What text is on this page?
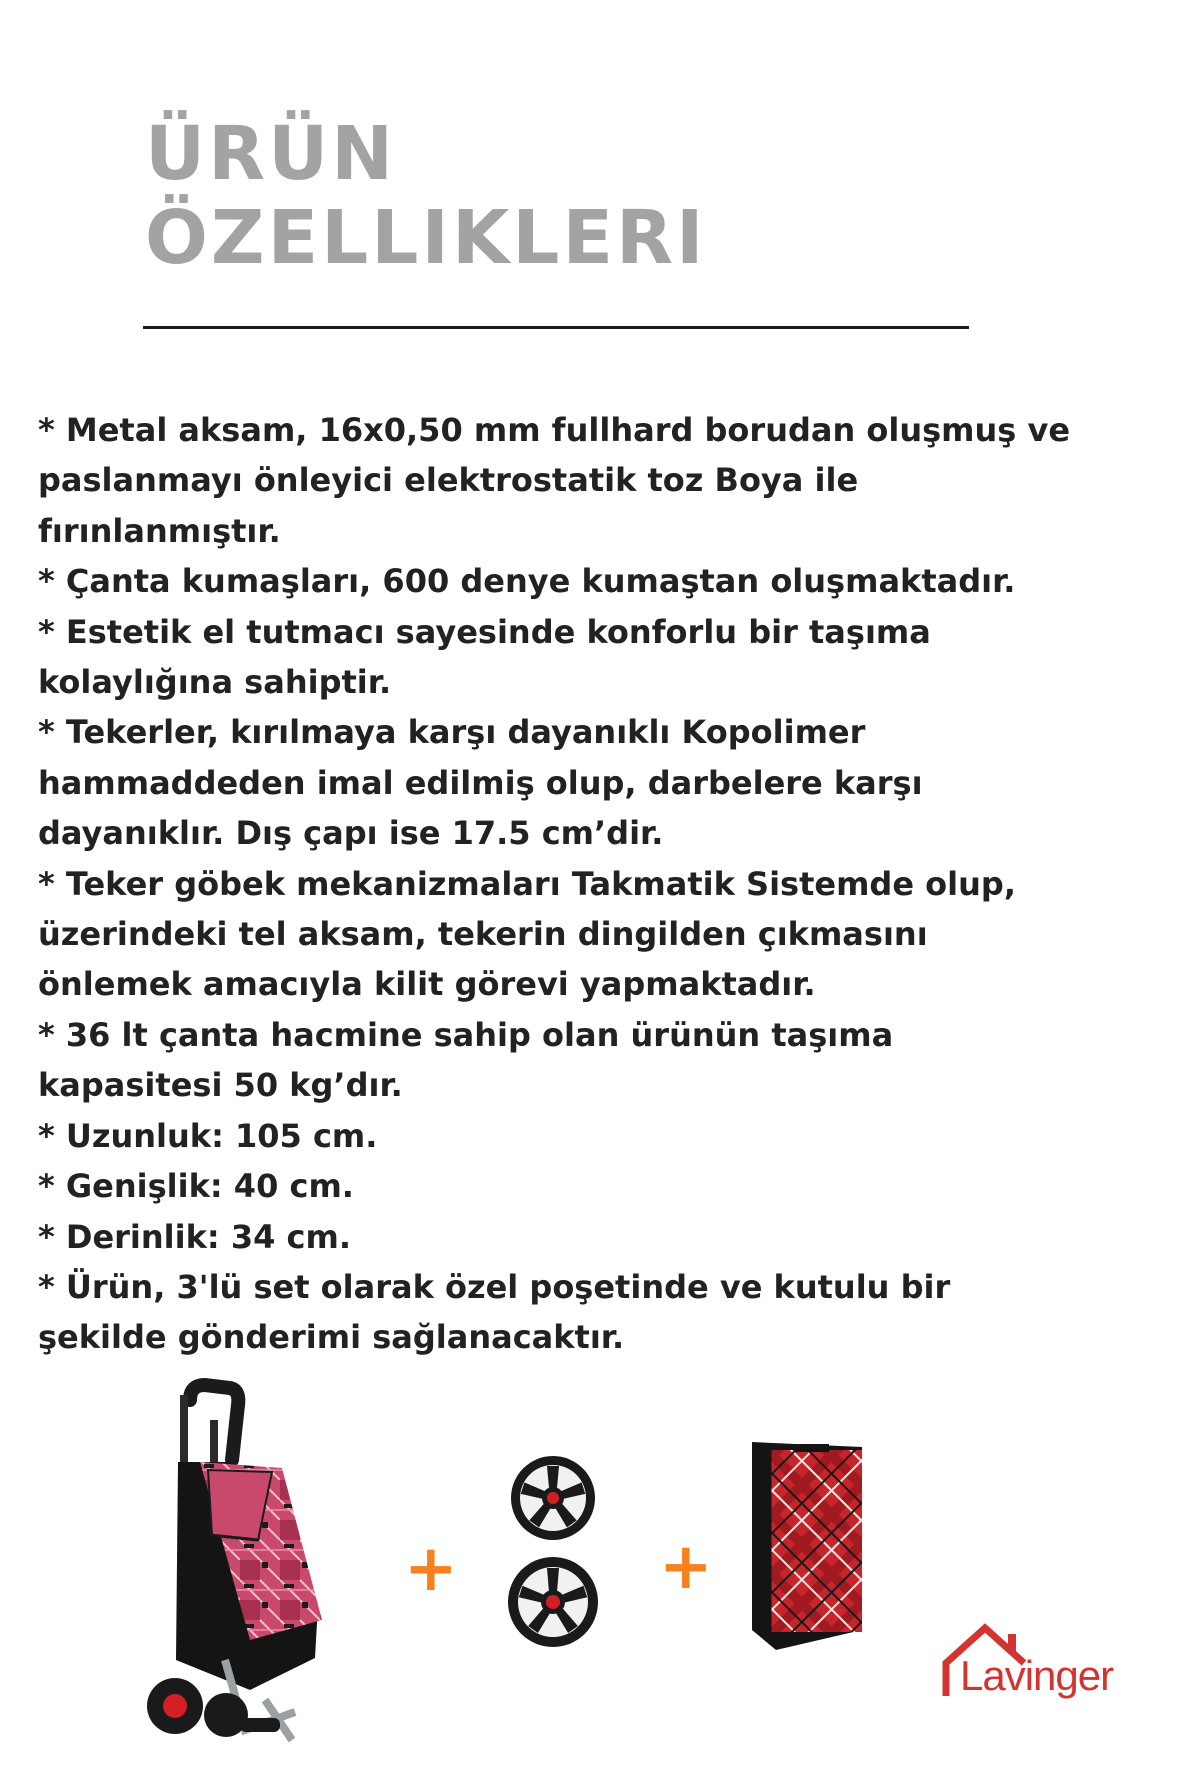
ÜRÜN
ÖZELLIKLERI
* Metal aksam, 16x0,50 mm fullhard borudan oluşmuş ve
paslanmayı önleyici elektrostatik toz Boya ile
fırınlanmıştır.
* Çanta kumaşları, 600 denye kumaştan oluşmaktadır.
* Estetik el tutmacı sayesinde konforlu bir taşıma
kolaylığına sahiptir.
* Tekerler, kırılmaya karşı dayanıklı Kopolimer
hammaddeden imal edilmiş olup, darbelere karşı
dayanıklır. Dış çapı ise 17.5 cm’dir.
* Teker göbek mekanizmaları Takmatik Sistemde olup,
üzerindeki tel aksam, tekerin dingilden çıkmasını
önlemek amacıyla kilit görevi yapmaktadır.
* 36 lt çanta hacmine sahip olan ürünün taşıma
kapasitesi 50 kg’dır.
* Uzunluk: 105 cm.
* Genişlik: 40 cm.
* Derinlik: 34 cm.
* Ürün, 3'lü set olarak özel poşetinde ve kutulu bir
şekilde gönderimi sağlanacaktır.
+	+
Lavinger
